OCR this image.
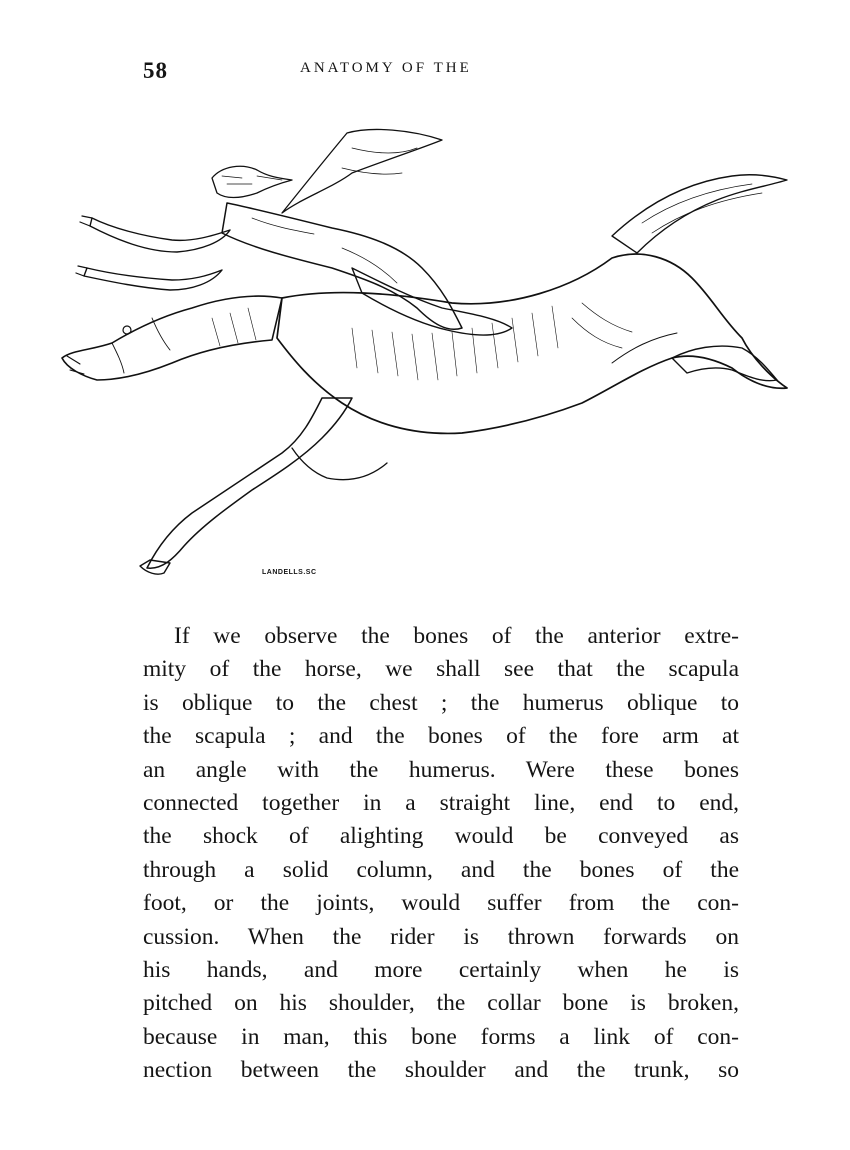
58	ANATOMY OF THE
LANDELLS.SC
If we observe the bones of the anterior extre-
mity of the horse, we shall see that the scapula
is oblique to the chest ; the humerus oblique to
the scapula ; and the bones of the fore arm at
an angle with the humerus. Were these bones
connected together in a straight line, end to end,
the shock of alighting would be conveyed as
through a solid column, and the bones of the
foot, or the joints, would suffer from the con-
cussion. When the rider is thrown forwards on
his hands, and more certainly when he is
pitched on his shoulder, the collar bone is broken,
because in man, this bone forms a link of con-
nection between the shoulder and the trunk, so
